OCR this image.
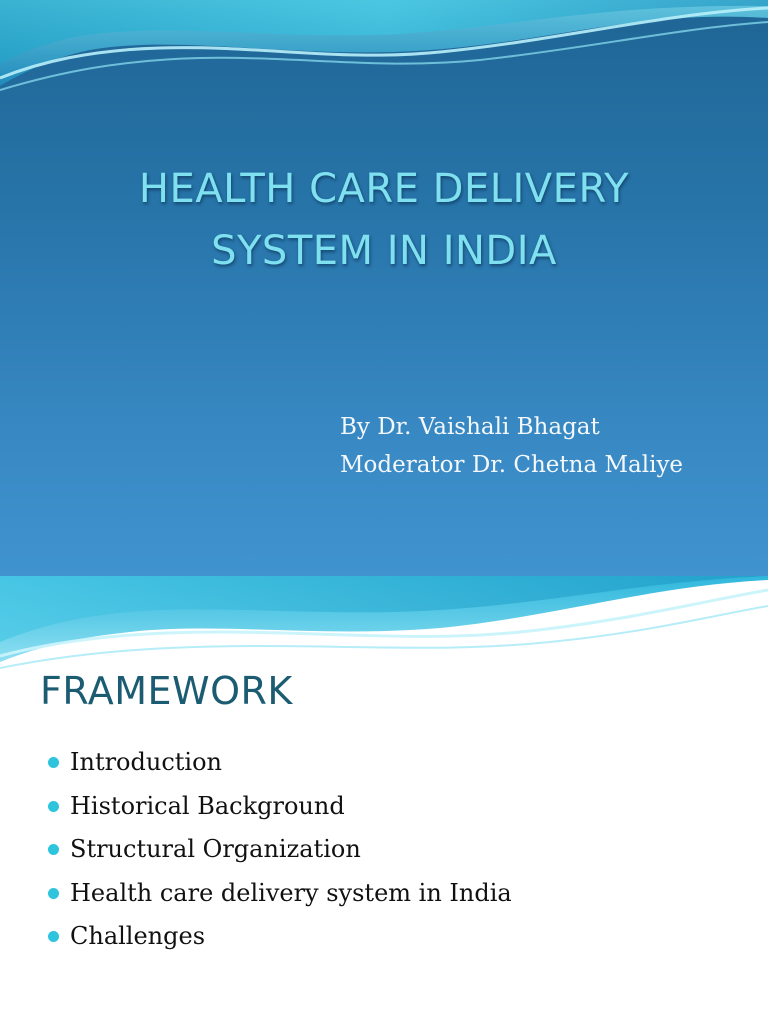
HEALTH CARE DELIVERY
SYSTEM IN INDIA
By Dr. Vaishali Bhagat
Moderator Dr. Chetna Maliye
FRAMEWORK
Introduction
Historical Background
Structural Organization
Health care delivery system in India
Challenges
